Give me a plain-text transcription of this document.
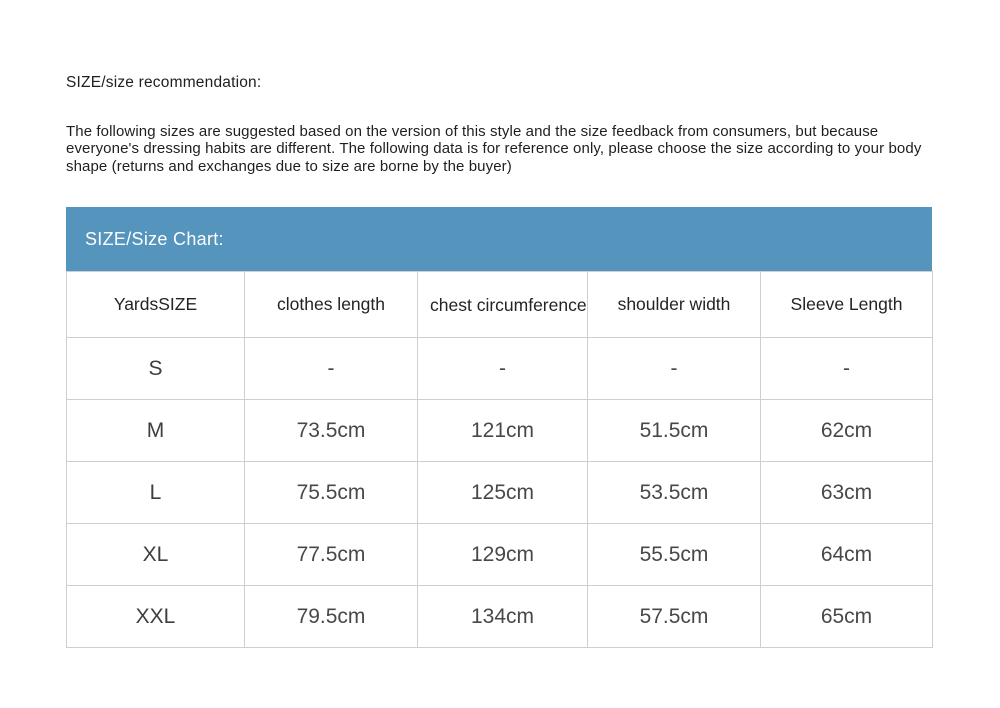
SIZE/size recommendation:

The following sizes are suggested based on the version of this style and the size feedback from consumers, but because everyone's dressing habits are different. The following data is for reference only, please choose the size according to your body shape (returns and exchanges due to size are borne by the buyer)

SIZE/Size Chart:
YardsSIZE	clothes length	chest circumference	shoulder width	Sleeve Length
S	-	-	-	-
M	73.5cm	121cm	51.5cm	62cm
L	75.5cm	125cm	53.5cm	63cm
XL	77.5cm	129cm	55.5cm	64cm
XXL	79.5cm	134cm	57.5cm	65cm
